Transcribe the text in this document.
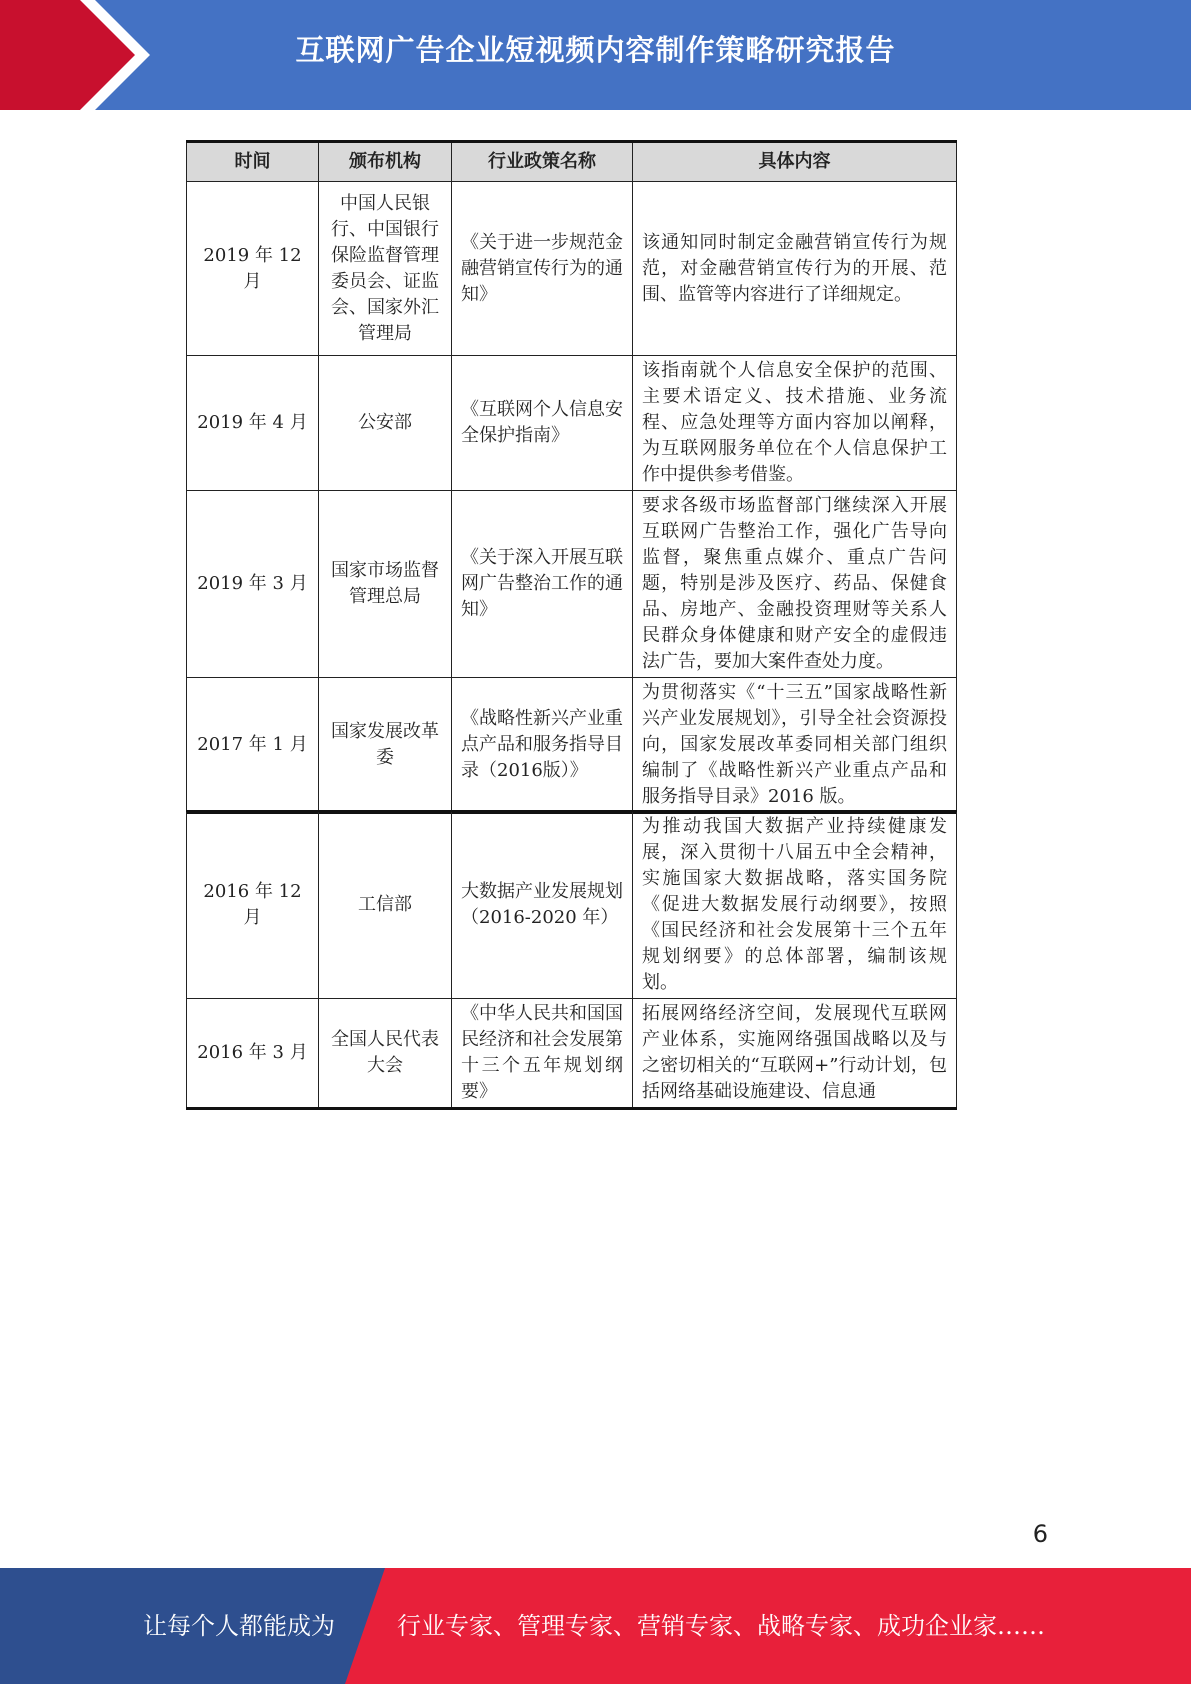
互联网广告企业短视频内容制作策略研究报告
时间	颁布机构	行业政策名称	具体内容
2019 年 12 月	中国人民银行、中国银行保险监督管理委员会、证监会、国家外汇管理局	《关于进一步规范金融营销宣传行为的通知》	该通知同时制定金融营销宣传行为规范，对金融营销宣传行为的开展、范围、监管等内容进行了详细规定。
2019 年 4 月	公安部	《互联网个人信息安全保护指南》	该指南就个人信息安全保护的范围、主要术语定义、技术措施、业务流程、应急处理等方面内容加以阐释，为互联网服务单位在个人信息保护工作中提供参考借鉴。
2019 年 3 月	国家市场监督管理总局	《关于深入开展互联网广告整治工作的通知》	要求各级市场监督部门继续深入开展互联网广告整治工作，强化广告导向监督，聚焦重点媒介、重点广告问题，特别是涉及医疗、药品、保健食品、房地产、金融投资理财等关系人民群众身体健康和财产安全的虚假违法广告，要加大案件查处力度。
2017 年 1 月	国家发展改革委	《战略性新兴产业重点产品和服务指导目录（2016版）》	为贯彻落实《“十三五”国家战略性新兴产业发展规划》，引导全社会资源投向，国家发展改革委同相关部门组织编制了《战略性新兴产业重点产品和服务指导目录》2016 版。
2016 年 12 月	工信部	大数据产业发展规划（2016-2020 年）	为推动我国大数据产业持续健康发展，深入贯彻十八届五中全会精神，实施国家大数据战略，落实国务院《促进大数据发展行动纲要》，按照《国民经济和社会发展第十三个五年规划纲要》的总体部署，编制该规划。
2016 年 3 月	全国人民代表大会	《中华人民共和国国民经济和社会发展第十三个五年规划纲要》	拓展网络经济空间，发展现代互联网产业体系，实施网络强国战略以及与之密切相关的“互联网+”行动计划，包括网络基础设施建设、信息通
6
让每个人都能成为	行业专家、管理专家、营销专家、战略专家、成功企业家……
